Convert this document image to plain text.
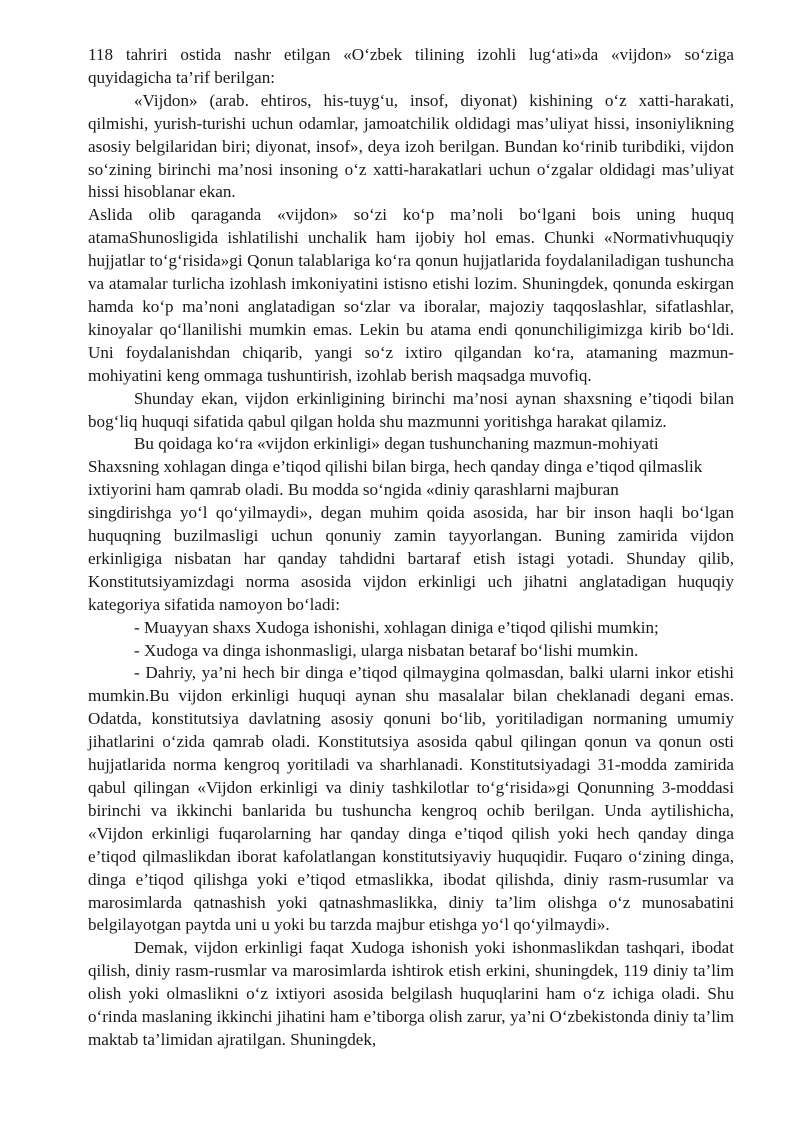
118 tahriri ostida nashr etilgan «O‘zbek tilining izohli lug‘ati»da «vijdon» so‘ziga quyidagicha ta’rif berilgan:

«Vijdon» (arab. ehtiros, his-tuyg‘u, insof, diyonat) kishining o‘z xatti-harakati, qilmishi, yurish-turishi uchun odamlar, jamoatchilik oldidagi mas’uliyat hissi, insoniylikning asosiy belgilaridan biri; diyonat, insof», deya izoh berilgan. Bundan ko‘rinib turibdiki, vijdon so‘zining birinchi ma’nosi insoning o‘z xatti-harakatlari uchun o‘zgalar oldidagi mas’uliyat hissi hisoblanar ekan.

Aslida olib qaraganda «vijdon» so‘zi ko‘p ma’noli bo‘lgani bois uning huquq atamaShunosligida ishlatilishi unchalik ham ijobiy hol emas. Chunki «Normativhuquqiy hujjatlar to‘g‘risida»gi Qonun talablariga ko‘ra qonun hujjatlarida foydalaniladigan tushuncha va atamalar turlicha izohlash imkoniyatini istisno etishi lozim. Shuningdek, qonunda eskirgan hamda ko‘p ma’noni anglatadigan so‘zlar va iboralar, majoziy taqqoslashlar, sifatlashlar, kinoyalar qo‘llanilishi mumkin emas. Lekin bu atama endi qonunchiligimizga kirib bo‘ldi. Uni foydalanishdan chiqarib, yangi so‘z ixtiro qilgandan ko‘ra, atamaning mazmun-mohiyatini keng ommaga tushuntirish, izohlab berish maqsadga muvofiq.

Shunday ekan, vijdon erkinligining birinchi ma’nosi aynan shaxsning e’tiqodi bilan bog‘liq huquqi sifatida qabul qilgan holda shu mazmunni yoritishga harakat qilamiz.

Bu qoidaga ko‘ra «vijdon erkinligi» degan tushunchaning mazmun-mohiyati Shaxsning xohlagan dinga e’tiqod qilishi bilan birga, hech qanday dinga e’tiqod qilmaslik ixtiyorini ham qamrab oladi. Bu modda so‘ngida «diniy qarashlarni majburan

singdirishga yo‘l qo‘yilmaydi», degan muhim qoida asosida, har bir inson haqli bo‘lgan huquqning buzilmasligi uchun qonuniy zamin tayyorlangan. Buning zamirida vijdon erkinligiga nisbatan har qanday tahdidni bartaraf etish istagi yotadi. Shunday qilib, Konstitutsiyamizdagi norma asosida vijdon erkinligi uch jihatni anglatadigan huquqiy kategoriya sifatida namoyon bo‘ladi:

- Muayyan shaxs Xudoga ishonishi, xohlagan diniga e’tiqod qilishi mumkin;

- Xudoga va dinga ishonmasligi, ularga nisbatan betaraf bo‘lishi mumkin.

- Dahriy, ya’ni hech bir dinga e’tiqod qilmaygina qolmasdan, balki ularni inkor etishi mumkin.Bu vijdon erkinligi huquqi aynan shu masalalar bilan cheklanadi degani emas. Odatda, konstitutsiya davlatning asosiy qonuni bo‘lib, yoritiladigan normaning umumiy jihatlarini o‘zida qamrab oladi. Konstitutsiya asosida qabul qilingan qonun va qonun osti hujjatlarida norma kengroq yoritiladi va sharhlanadi. Konstitutsiyadagi 31-modda zamirida qabul qilingan «Vijdon erkinligi va diniy tashkilotlar to‘g‘risida»gi Qonunning 3-moddasi birinchi va ikkinchi banlarida bu tushuncha kengroq ochib berilgan. Unda aytilishicha, «Vijdon erkinligi fuqarolarning har qanday dinga e’tiqod qilish yoki hech qanday dinga e’tiqod qilmaslikdan iborat kafolatlangan konstitutsiyaviy huquqidir. Fuqaro o‘zining dinga, dinga e’tiqod qilishga yoki e’tiqod etmaslikka, ibodat qilishda, diniy rasm-rusumlar va marosimlarda qatnashish yoki qatnashmaslikka, diniy ta’lim olishga o‘z munosabatini belgilayotgan paytda uni u yoki bu tarzda majbur etishga yo‘l qo‘yilmaydi».

Demak, vijdon erkinligi faqat Xudoga ishonish yoki ishonmaslikdan tashqari, ibodat qilish, diniy rasm-rusmlar va marosimlarda ishtirok etish erkini, shuningdek, 119 diniy ta’lim olish yoki olmaslikni o‘z ixtiyori asosida belgilash huquqlarini ham o‘z ichiga oladi. Shu o‘rinda maslaning ikkinchi jihatini ham e’tiborga olish zarur, ya’ni O‘zbekistonda diniy ta’lim maktab ta’limidan ajratilgan. Shuningdek,
